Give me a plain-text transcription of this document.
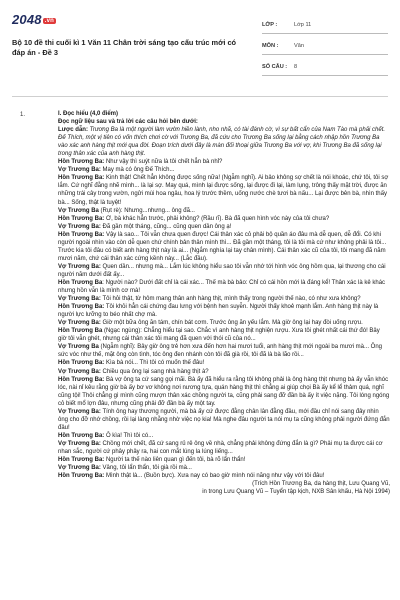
2048 .vn
Bộ 10 đề thi cuối kì 1 Văn 11 Chân trời sáng tạo cấu trúc mới có đáp án - Đề 3
LỚP :	Lớp 11
MÔN :	Văn
SỐ CÂU :	8
1.	I. Đọc hiểu (4,0 điểm)
Đọc ngữ liệu sau và trả lời các câu hỏi bên dưới:
Lược dẫn: Trương Ba là một người làm vườn hiền lành, nho nhã, có tài đánh cờ, vì sự bất cẩn của Nam Tào mà phải chết. Đế Thích, một vị tiên có vốn thích chơi cờ với Trương Ba, đã cứu cho Trương Ba sống lại bằng cách nhập hồn Trương Ba vào xác anh hàng thịt mới qua đời. Đoạn trích dưới đây là màn đối thoại giữa Trương Ba với vợ, khi Trương Ba đã sống lại trong thân xác của anh hàng thịt.
Hồn Trương Ba: Như vậy thì suýt nữa là tôi chết hẳn bà nhỉ?
Vợ Trương Ba: May mà có ông Đế Thích...
Hồn Trương Ba: Kinh thật! Chết hẳn không được sống nữa! (Ngẫm nghĩ). Ai bảo không sợ chết là nói khoác, chứ tôi, tôi sợ lắm. Cứ nghĩ đằng nhẽ mình... là lại sợ. May quá, mình lại được sống, lại được đi lại, làm lụng, trông thấy mặt trời, được ăn những trái cây trong vườn, ngửi mùi hoa ngâu, hoa lý trước thềm, uống nước chè tươi bà nấu... Lại được bên bà, nhìn thấy bà... Sống, thật là tuyệt!
Vợ Trương Ba (Rụt rè): Nhưng...nhưng... ông đã...
Hồn Trương Ba: Ơ, bà khác hẳn trước, phải không? (Rầu rĩ). Bà đã quen hình vóc này của tôi chưa?
Vợ Trương Ba: Đã gần một tháng, cũng... cũng quen dần ông ạ!
Hồn Trương Ba: Vậy là sao... Tôi vẫn chưa quen được! Cái thân xác cỏ phải bộ quần áo đâu mà dễ quen, dễ đổi. Có khi người ngoài nhìn vào còn dễ quen chứ chính bản thân mình thì... Đã gần một tháng, tôi là tôi mà cứ như không phải là tôi... Trước kia tôi đâu có biết anh hàng thịt này là ai... (Ngắm nghía lại tay chân mình). Cái thân xác cũ của tôi, tôi mang đã năm mươi năm, chứ cái thân xác cứng kềnh này... (Lắc đầu).
Vợ Trương Ba: Quen dần... nhưng mà... Lắm lúc không hiểu sao tôi vẫn nhớ tới hình vóc ông hồm qua, lại thương cho cái người năm dưới đất ấy...
Hồn Trương Ba: Người nào? Dưới đất chỉ là cái xác... Thế mà bà bảo: Chỉ có cái hồn mới là đáng kể! Thân xác là kẻ khác nhưng hồn vẫn là mình cơ mà!
Vợ Trương Ba: Tôi hỏi thật, từ hôm mang thân anh hàng thịt, mình thấy trong người thế nào, có như xưa không?
Hồn Trương Ba: Tôi khỏi hẳn cái chứng đau lưng với bệnh hen suyễn. Người thấy khoẻ mạnh lắm. Anh hàng thịt này là người lực lưỡng to béo nhất chợ mà.
Vợ Trương Ba: Giờ một bữa ông ăn tám, chín bát cơm. Trước ông ăn yếu lắm. Mà giờ ông lại hay đòi uống rượu.
Hồn Trương Ba (Ngạc ngùng): Chẳng hiểu tại sao. Chắc vì anh hàng thịt nghiện rượu. Xưa tôi ghét nhất cái thứ đó! Bây giờ tôi vẫn ghét, nhưng cái thân xác tôi mang đã quen với thói cũ của nó...
Vợ Trương Ba (Ngẫm nghĩ): Bây giờ ông trẻ hơn xưa đến hơn hai mươi tuổi, anh hàng thịt mới ngoài ba mươi mà... Ông sức vóc như thế, mặt ông còn tình, tóc ông đen nhánh còn tôi đã già rồi, tôi đã là bà lão rồi...
Hồn Trương Ba: Kìa bà nói... Thì tôi có muốn thế đâu!
Vợ Trương Ba: Chiều qua ông lại sang nhà hàng thịt à?
Hồn Trương Ba: Bà vợ ông ta cứ sang gọi mãi. Bà ấy đã hiểu ra rằng tôi không phải là ông hàng thịt nhưng bà ấy vẫn khóc lóc, nài nỉ kêu rằng giờ bà ấy bơ vơ không nơi nương tựa, quán hàng thịt thì chẳng ai giúp chọi Bà ấy kể lể thảm quá, nghĩ cũng tội! Thôi chẳng gì mình cũng mượn thân xác chồng người ta, cũng phải sang đỡ đần bà ấy ít việc nặng. Tôi lóng ngóng cỏ biết mổ lợn đâu, nhưng cũng phải đỡ đần bà ấy một tay.
Vợ Trương Ba: Tính ông hay thương người, mà bà ấy cứ được đằng chân lân đằng đầu, mới đầu chỉ nói sang đây nhìn ông cho đỡ nhớ chồng, rồi lại làng nhằng nhờ việc nọ kia! Mà nghe đâu người ta nói mụ ta cũng không phải người đứng đắn đâu!
Hồn Trương Ba: Ô kìa! Thì tôi có...
Vợ Trương Ba: Chồng mới chết, đã cứ sang rủ rê ông về nhà, chẳng phải không đứng đắn là gì? Phải mụ ta được cái cơ nhan sắc, người cứ phây phây ra, hai con mắt lúng la lúng liếng...
Hồn Trương Ba: Người ta thế nào liên quan gì đến tôi, bà rõ lẩn thẩn!
Vợ Trương Ba: Vâng, tôi lẩn thẩn, tôi già rồi mà...
Hồn Trương Ba: Mình thật là... (Buồn bực). Xưa nay có bao giờ mình nói năng như vậy với tôi đâu!
(Trích Hồn Trương Ba, da hàng thịt, Lưu Quang Vũ,
in trong Lưu Quang Vũ – Tuyển tập kịch, NXB Sân khấu, Hà Nội 1994)
